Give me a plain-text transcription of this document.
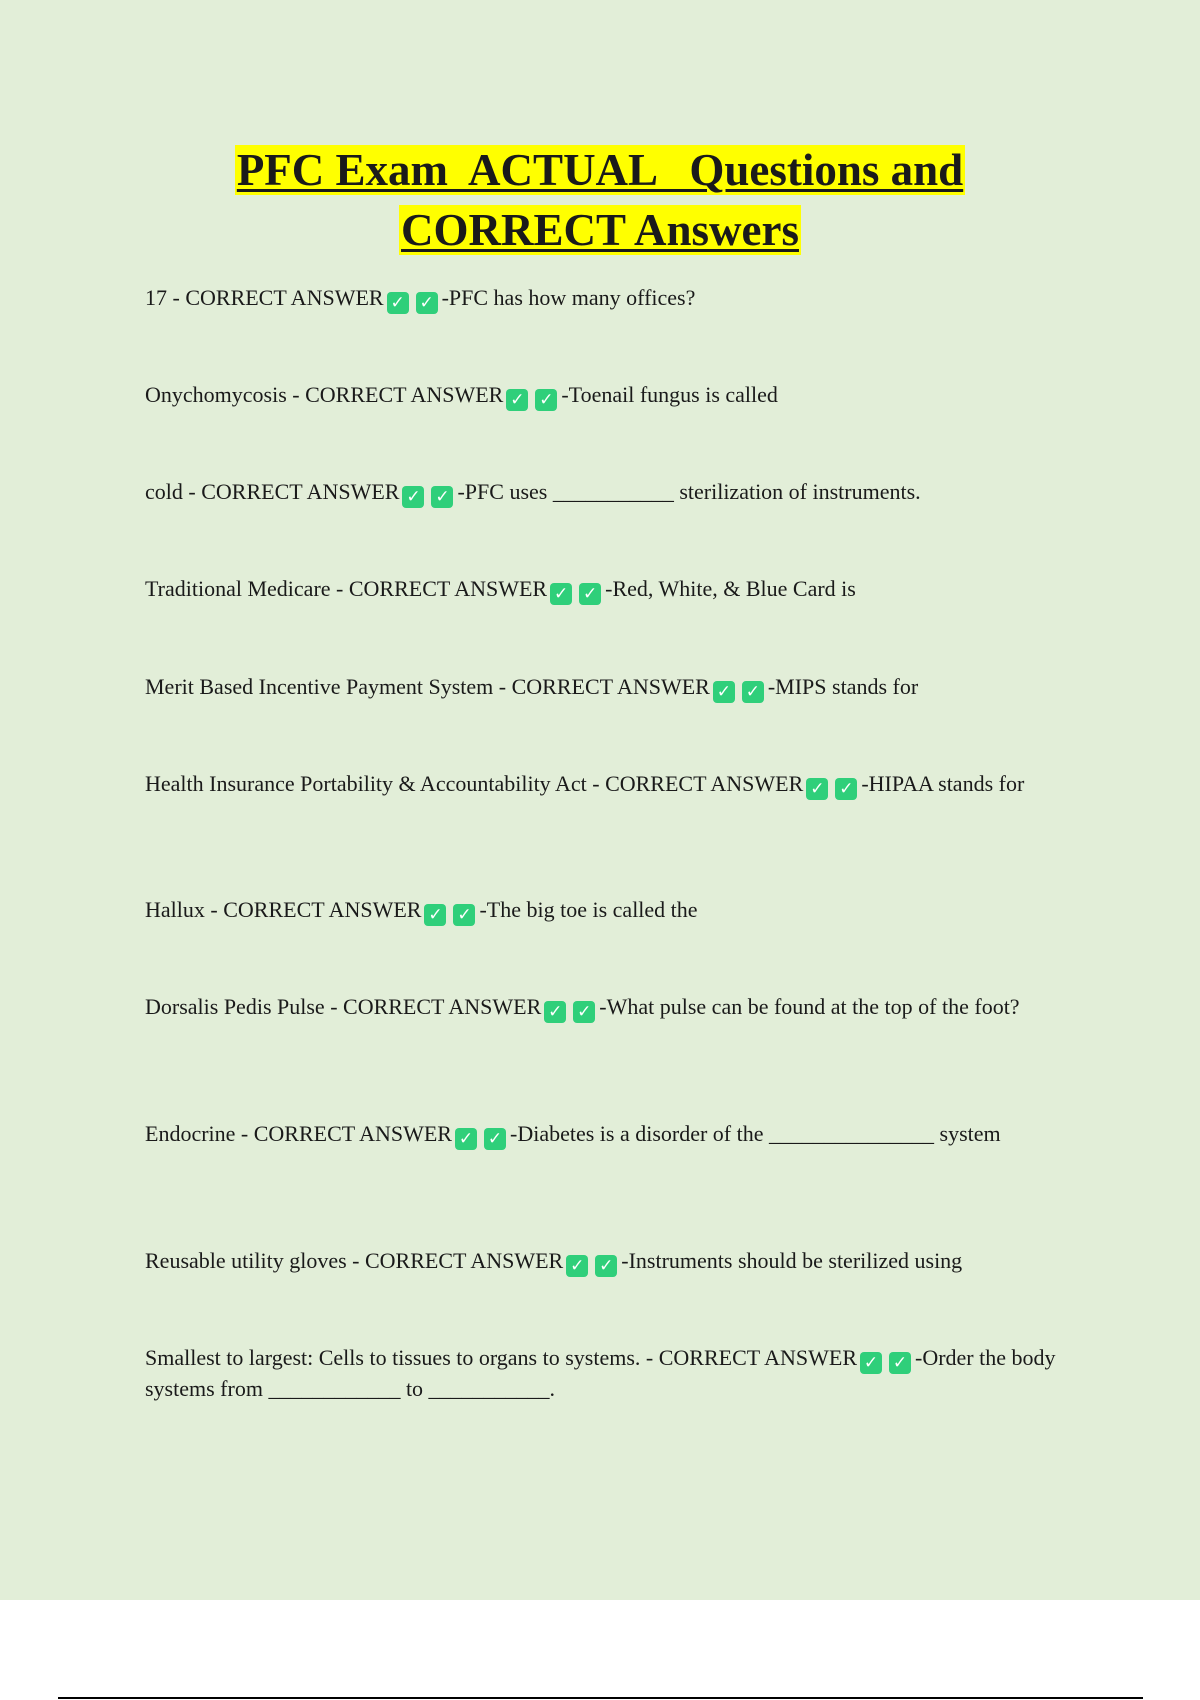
PFC Exam  ACTUAL   Questions and
CORRECT Answers
17 - CORRECT ANSWER ✓ ✓ -PFC has how many offices?
Onychomycosis - CORRECT ANSWER ✓ ✓ -Toenail fungus is called
cold - CORRECT ANSWER ✓ ✓ -PFC uses ___________ sterilization of instruments.
Traditional Medicare - CORRECT ANSWER ✓ ✓ -Red, White, & Blue Card is
Merit Based Incentive Payment System - CORRECT ANSWER ✓ ✓ -MIPS stands for
Health Insurance Portability & Accountability Act - CORRECT ANSWER ✓ ✓ -HIPAA stands for
Hallux - CORRECT ANSWER ✓ ✓ -The big toe is called the
Dorsalis Pedis Pulse - CORRECT ANSWER ✓ ✓ -What pulse can be found at the top of the foot?
Endocrine - CORRECT ANSWER ✓ ✓ -Diabetes is a disorder of the _______________ system
Reusable utility gloves - CORRECT ANSWER ✓ ✓ -Instruments should be sterilized using
Smallest to largest: Cells to tissues to organs to systems. - CORRECT ANSWER ✓ ✓ -Order the body systems from ____________ to ___________.
